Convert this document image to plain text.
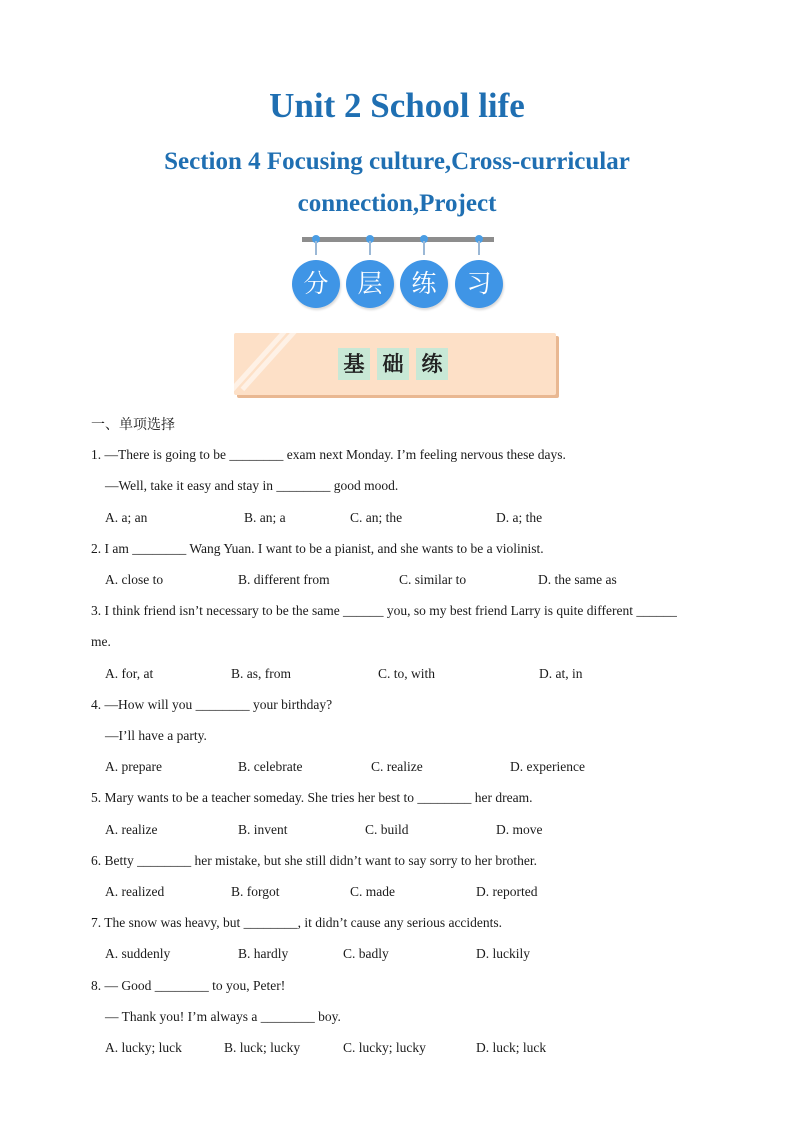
Unit 2 School life
Section 4 Focusing culture,Cross-curricular
connection,Project
分	层	练	习
基 础 练
一、单项选择
1. —There is going to be ________ exam next Monday. I’m feeling nervous these days.
—Well, take it easy and stay in ________ good mood.
A. a; an	B. an; a	C. an; the	D. a; the
2. I am ________ Wang Yuan. I want to be a pianist, and she wants to be a violinist.
A. close to	B. different from	C. similar to	D. the same as
3. I think friend isn’t necessary to be the same ______ you, so my best friend Larry is quite different ______
me.
A. for, at	B. as, from	C. to, with	D. at, in
4. —How will you ________ your birthday?
—I’ll have a party.
A. prepare	B. celebrate	C. realize	D. experience
5. Mary wants to be a teacher someday. She tries her best to ________ her dream.
A. realize	B. invent	C. build	D. move
6. Betty ________ her mistake, but she still didn’t want to say sorry to her brother.
A. realized	B. forgot	C. made	D. reported
7. The snow was heavy, but ________, it didn’t cause any serious accidents.
A. suddenly	B. hardly	C. badly	D. luckily
8. — Good ________ to you, Peter!
— Thank you! I’m always a ________ boy.
A. lucky; luck	B. luck; lucky	C. lucky; lucky	D. luck; luck
